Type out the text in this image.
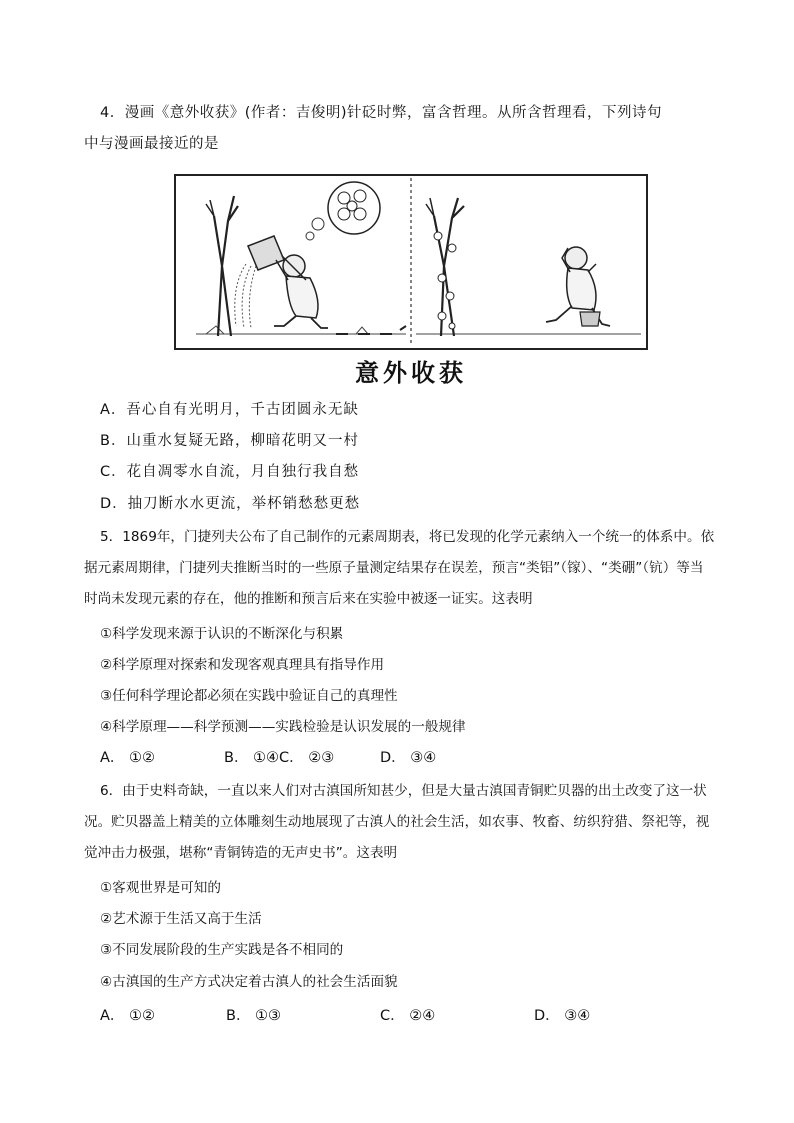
4．漫画《意外收获》(作者：吉俊明)针砭时弊，富含哲理。从所含哲理看，下列诗句
中与漫画最接近的是
意外收获
A．吾心自有光明月，千古团圆永无缺
B．山重水复疑无路，柳暗花明又一村
C．花自凋零水自流，月自独行我自愁
D．抽刀断水水更流，举杯销愁愁更愁
5．1869年，门捷列夫公布了自己制作的元素周期表，将已发现的化学元素纳入一个统一的体系中。依
据元素周期律，门捷列夫推断当时的一些原子量测定结果存在误差，预言“类铝”（镓）、“类硼”（钪）等当
时尚未发现元素的存在，他的推断和预言后来在实验中被逐一证实。这表明
①科学发现来源于认识的不断深化与积累
②科学原理对探索和发现客观真理具有指导作用
③任何科学理论都必须在实践中验证自己的真理性
④科学原理——科学预测——实践检验是认识发展的一般规律
A． ①②	B． ①④C． ②③	D． ③④
6．由于史料奇缺，一直以来人们对古滇国所知甚少，但是大量古滇国青铜贮贝器的出土改变了这一状
况。贮贝器盖上精美的立体雕刻生动地展现了古滇人的社会生活，如农事、牧畜、纺织狩猎、祭祀等，视
觉冲击力极强，堪称“青铜铸造的无声史书”。这表明
①客观世界是可知的
②艺术源于生活又高于生活
③不同发展阶段的生产实践是各不相同的
④古滇国的生产方式决定着古滇人的社会生活面貌
A． ①②	B． ①③	C． ②④	D． ③④
